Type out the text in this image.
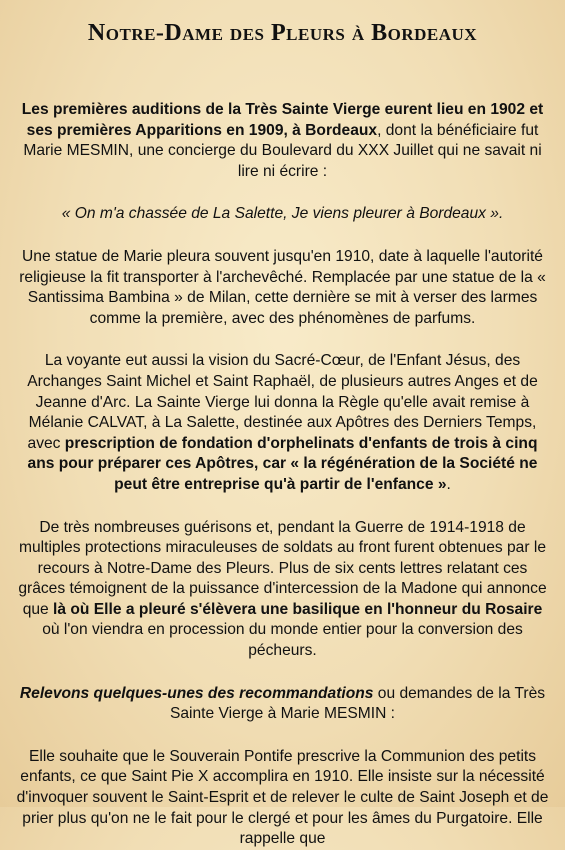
Notre-Dame des Pleurs à Bordeaux

Les premières auditions de la Très Sainte Vierge eurent lieu en 1902 et ses premières Apparitions en 1909, à Bordeaux, dont la bénéficiaire fut Marie MESMIN, une concierge du Boulevard du XXX Juillet qui ne savait ni lire ni écrire :

« On m'a chassée de La Salette, Je viens pleurer à Bordeaux ».

Une statue de Marie pleura souvent jusqu'en 1910, date à laquelle l'autorité religieuse la fit transporter à l'archevêché. Remplacée par une statue de la « Santissima Bambina » de Milan, cette dernière se mit à verser des larmes comme la première, avec des phénomènes de parfums.

La voyante eut aussi la vision du Sacré-Cœur, de l'Enfant Jésus, des Archanges Saint Michel et Saint Raphaël, de plusieurs autres Anges et de Jeanne d'Arc. La Sainte Vierge lui donna la Règle qu'elle avait remise à Mélanie CALVAT, à La Salette, destinée aux Apôtres des Derniers Temps, avec prescription de fondation d'orphelinats d'enfants de trois à cinq ans pour préparer ces Apôtres, car « la régénération de la Société ne peut être entreprise qu'à partir de l'enfance ».

De très nombreuses guérisons et, pendant la Guerre de 1914-1918 de multiples protections miraculeuses de soldats au front furent obtenues par le recours à Notre-Dame des Pleurs. Plus de six cents lettres relatant ces grâces témoignent de la puissance d'intercession de la Madone qui annonce que là où Elle a pleuré s'élèvera une basilique en l'honneur du Rosaire où l'on viendra en procession du monde entier pour la conversion des pécheurs.

Relevons quelques-unes des recommandations ou demandes de la Très Sainte Vierge à Marie MESMIN :

Elle souhaite que le Souverain Pontife prescrive la Communion des petits enfants, ce que Saint Pie X accomplira en 1910. Elle insiste sur la nécessité d'invoquer souvent le Saint-Esprit et de relever le culte de Saint Joseph et de prier plus qu'on ne le fait pour le clergé et pour les âmes du Purgatoire. Elle rappelle que
